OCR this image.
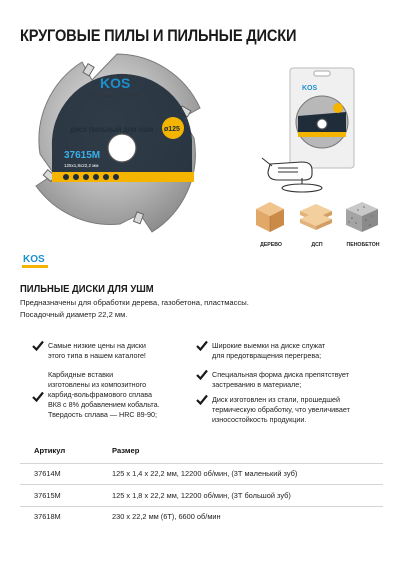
КРУГОВЫЕ ПИЛЫ И ПИЛЬНЫЕ ДИСКИ
KOS
МИРОВОЙ ИНСТРУМЕНТ
ДИСК ПИЛЬНЫЙ ДЛЯ УШМ ø125
37615М
125х1,8х22,2 мм
KOS
ДЕРЕВО	ДСП	ПЕНОБЕТОН
KOS
ПИЛЬНЫЕ ДИСКИ ДЛЯ УШМ
Предназначены для обработки дерева, газобетона, пластмассы.
Посадочный диаметр 22,2 мм.
Самые низкие цены на диски
этого типа в нашем каталоге!
Карбидные вставки
изготовлены из композитного
карбид-вольфрамового сплава
ВК8 с 8% добавлением кобальта.
Твердость сплава — HRC 89-90;
Широкие выемки на диске служат
для предотвращения перегрева;
Специальная форма диска препятствует
застреванию в материале;
Диск изготовлен из стали, прошедшей
термическую обработку, что увеличивает
износостойкость продукции.
Артикул	Размер
37614М	125 х 1,4 х 22,2 мм, 12200 об/мин, (3Т маленький зуб)
37615М	125 х 1,8 х 22,2 мм, 12200 об/мин, (3Т большой зуб)
37618М	230 х 22,2 мм (6Т), 6600 об/мин
